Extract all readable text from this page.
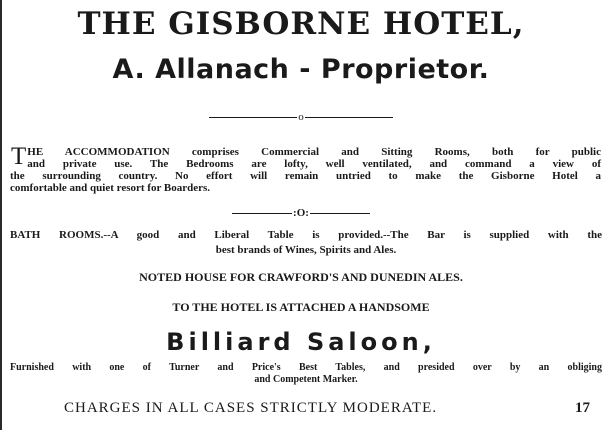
THE GISBORNE HOTEL,
A. Allanach - Proprietor.
o
T HE ACCOMMODATION comprises Commercial and Sitting Rooms, both for public
and private use. The Bedrooms are lofty, well ventilated, and command a view of
the surrounding country. No effort will remain untried to make the Gisborne Hotel a
comfortable and quiet resort for Boarders.
:O:
BATH ROOMS.--A good and Liberal Table is provided.--The Bar is supplied with the
best brands of Wines, Spirits and Ales.
NOTED HOUSE FOR CRAWFORD'S AND DUNEDIN ALES.
TO THE HOTEL IS ATTACHED A HANDSOME
Billiard Saloon,
Furnished with one of Turner and Price's Best Tables, and presided over by an obliging
and Competent Marker.
CHARGES IN ALL CASES STRICTLY MODERATE.	17
